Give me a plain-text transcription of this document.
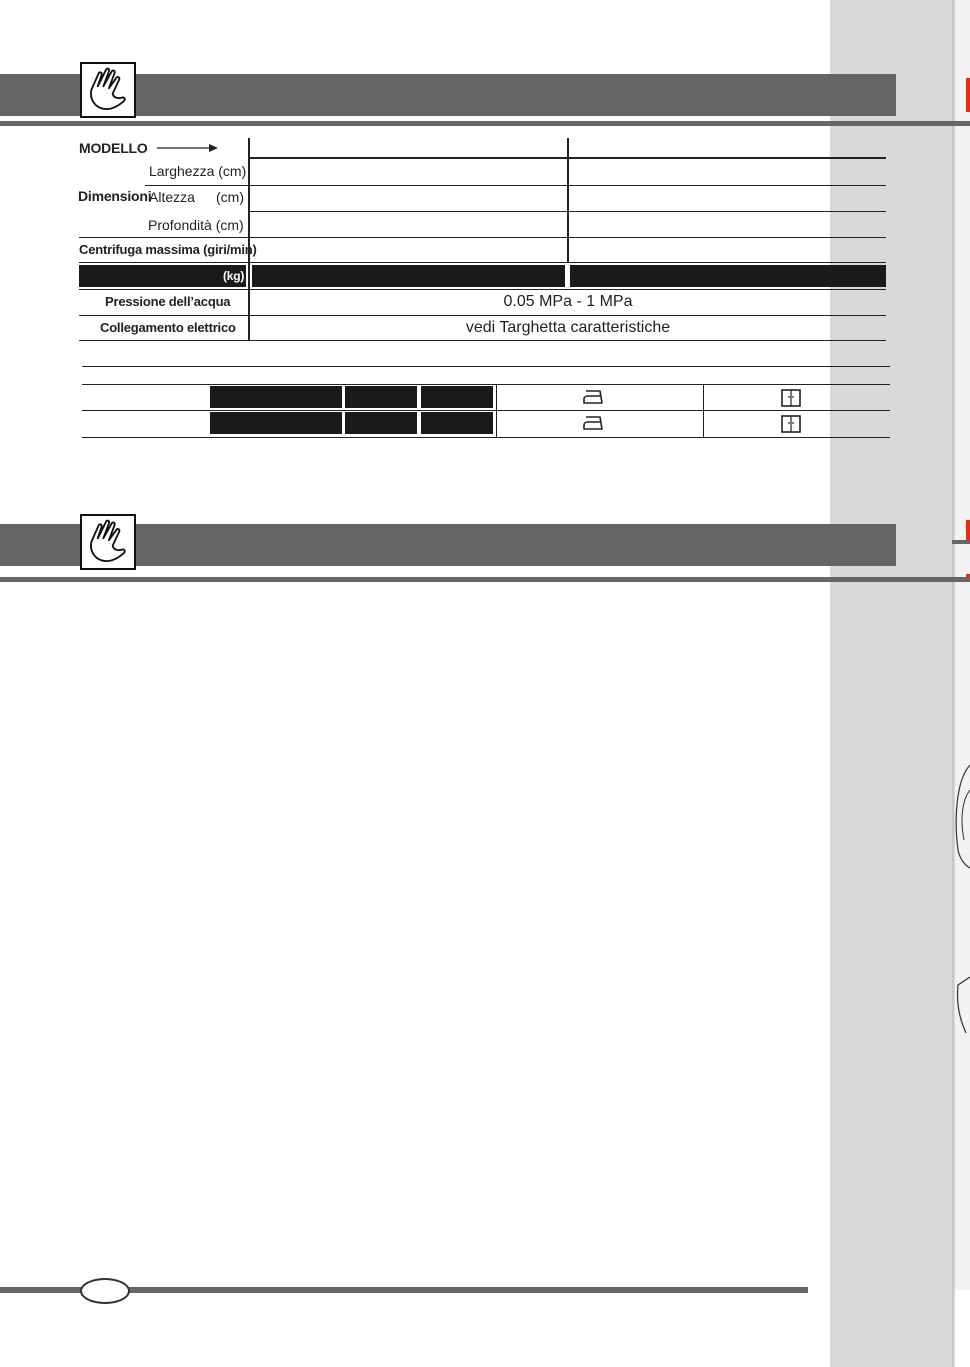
MODELLO
Larghezza (cm)
Dimensioni
Altezza (cm)
Profondità (cm)
Centrifuga massima (giri/min)
(kg)
Pressione dell’acqua	0.05 MPa - 1 MPa
Collegamento elettrico	vedi Targhetta caratteristiche
